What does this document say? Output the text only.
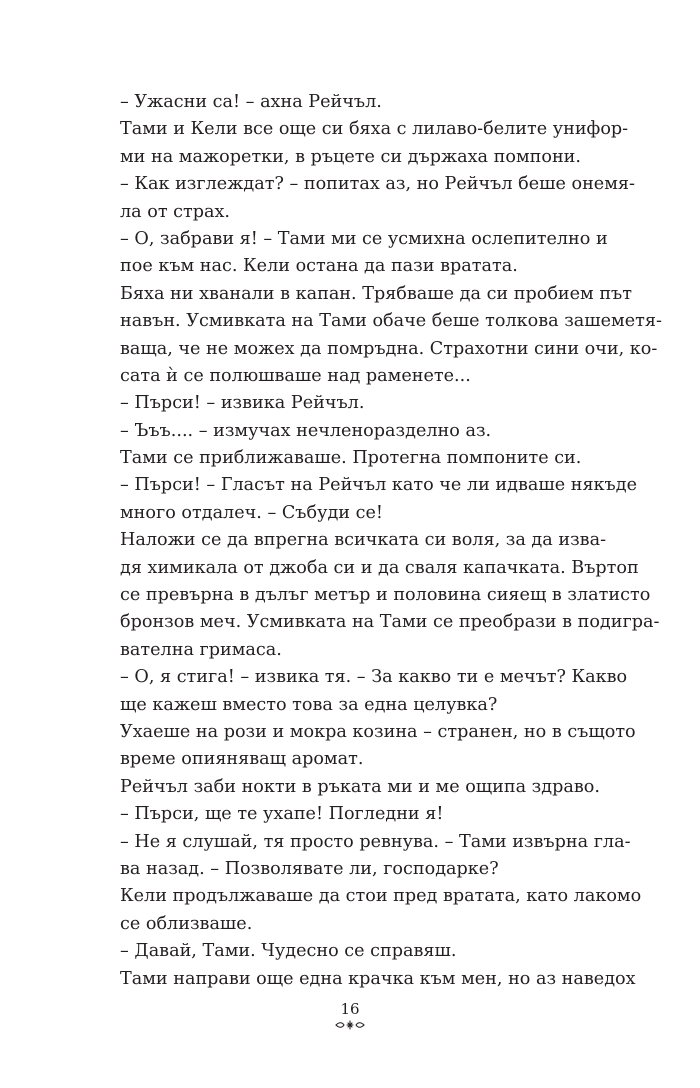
– Ужасни са! – ахна Рейчъл.
Тами и Кели все още си бяха с лилаво-белите унифор-
ми на мажоретки, в ръцете си държаха помпони.
– Как изглеждат? – попитах аз, но Рейчъл беше онемя-
ла от страх.
– О, забрави я! – Тами ми се усмихна ослепително и
пое към нас. Кели остана да пази вратата.
Бяха ни хванали в капан. Трябваше да си пробием път
навън. Усмивката на Тами обаче беше толкова зашеметя-
ваща, че не можех да помръдна. Страхотни сини очи, ко-
сата ѝ се полюшваше над раменете...
– Пърси! – извика Рейчъл.
– Ъъъ.... – измучах нечленоразделно аз.
Тами се приближаваше. Протегна помпоните си.
– Пърси! – Гласът на Рейчъл като че ли идваше някъде
много отдалеч. – Събуди се!
Наложи се да впрегна всичката си воля, за да изва-
дя химикала от джоба си и да сваля капачката. Въртоп
се превърна в дълъг метър и половина сияещ в златисто
бронзов меч. Усмивката на Тами се преобрази в подигра-
вателна гримаса.
– О, я стига! – извика тя. – За какво ти е мечът? Какво
ще кажеш вместо това за една целувка?
Ухаеше на рози и мокра козина – странен, но в същото
време опияняващ аромат.
Рейчъл заби нокти в ръката ми и ме ощипа здраво.
– Пърси, ще те ухапе! Погледни я!
– Не я слушай, тя просто ревнува. – Тами извърна гла-
ва назад. – Позволявате ли, господарке?
Кели продължаваше да стои пред вратата, като лакомо
се облизваше.
– Давай, Тами. Чудесно се справяш.
Тами направи още една крачка към мен, но аз наведох
16
